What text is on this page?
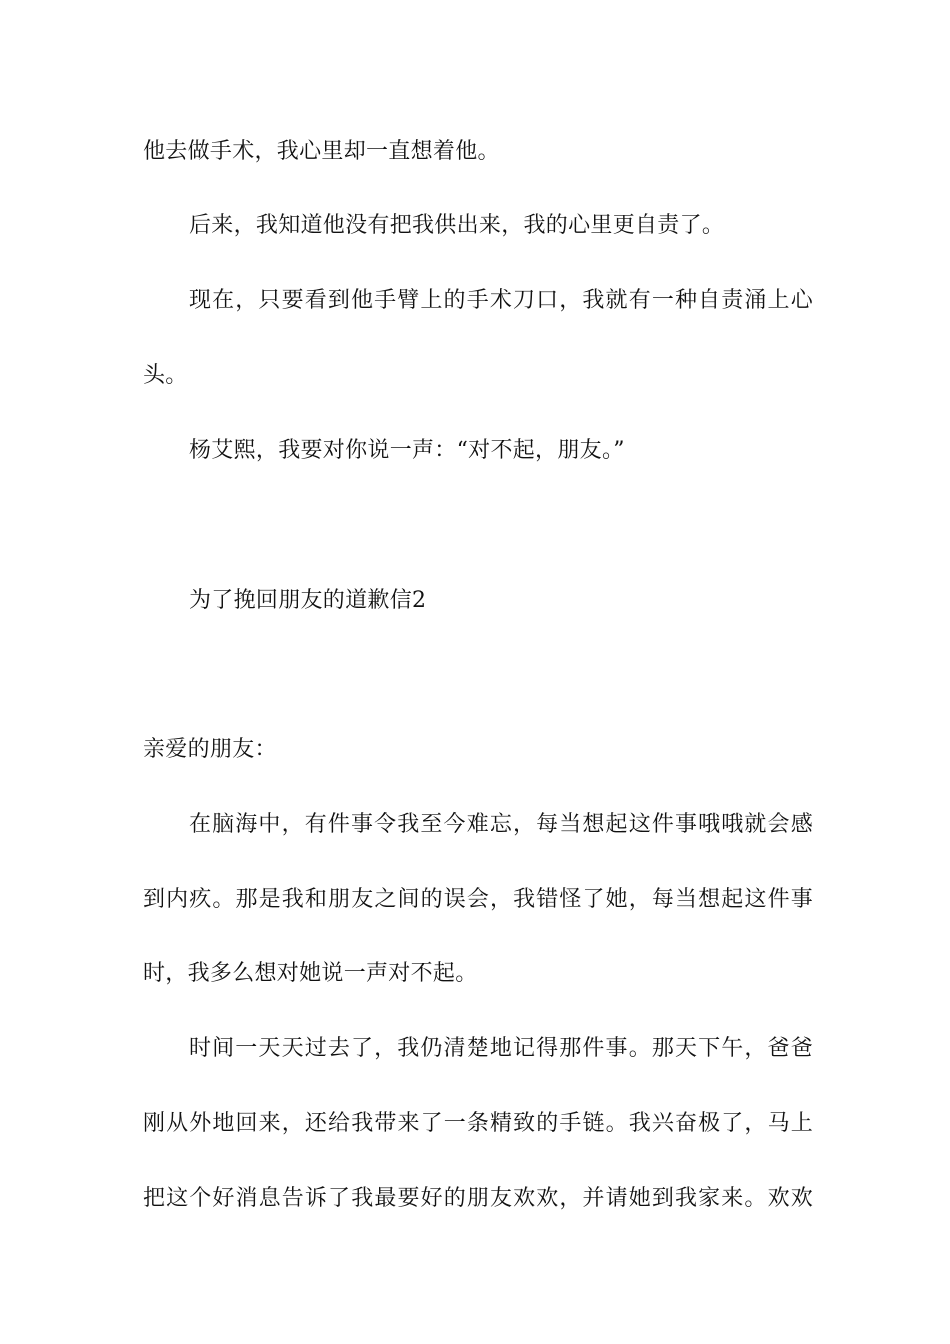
他去做手术，我心里却一直想着他。
后来，我知道他没有把我供出来，我的心里更自责了。
现在，只要看到他手臂上的手术刀口，我就有一种自责涌上心
头。
杨艾熙，我要对你说一声：“对不起，朋友。”
为了挽回朋友的道歉信2
亲爱的朋友：
在脑海中，有件事令我至今难忘，每当想起这件事哦哦就会感
到内疚。那是我和朋友之间的误会，我错怪了她，每当想起这件事
时，我多么想对她说一声对不起。
时间一天天过去了，我仍清楚地记得那件事。那天下午，爸爸
刚从外地回来，还给我带来了一条精致的手链。我兴奋极了，马上
把这个好消息告诉了我最要好的朋友欢欢，并请她到我家来。欢欢
